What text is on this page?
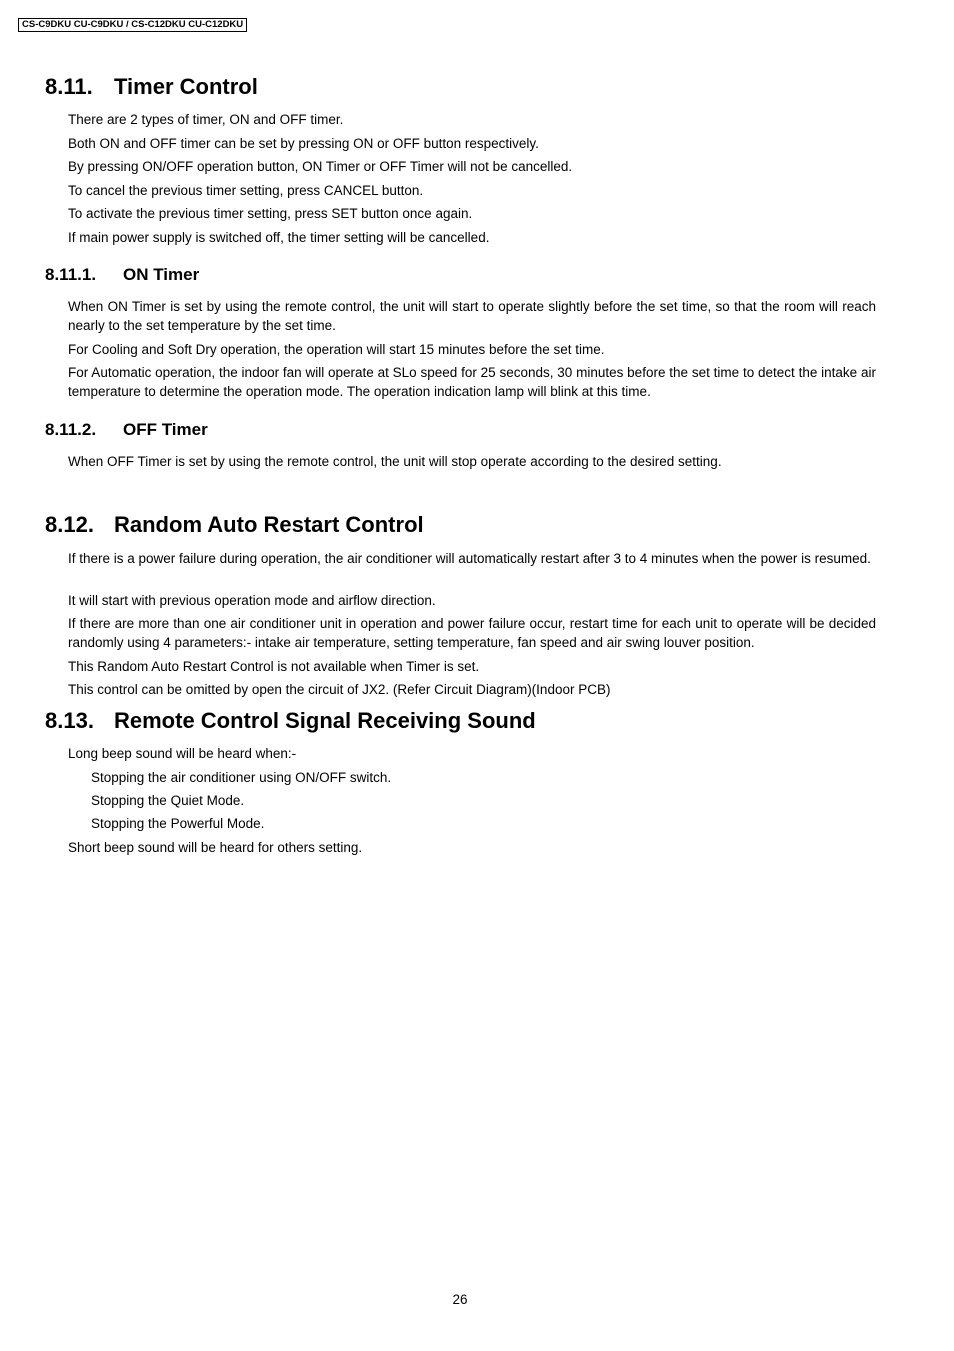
CS-C9DKU CU-C9DKU / CS-C12DKU CU-C12DKU
8.11. Timer Control

There are 2 types of timer, ON and OFF timer.

Both ON and OFF timer can be set by pressing ON or OFF button respectively.

By pressing ON/OFF operation button, ON Timer or OFF Timer will not be cancelled.

To cancel the previous timer setting, press CANCEL button.

To activate the previous timer setting, press SET button once again.

If main power supply is switched off, the timer setting will be cancelled.

8.11.1. ON Timer

When ON Timer is set by using the remote control, the unit will start to operate slightly before the set time, so that the room will reach nearly to the set temperature by the set time.

For Cooling and Soft Dry operation, the operation will start 15 minutes before the set time.

For Automatic operation, the indoor fan will operate at SLo speed for 25 seconds, 30 minutes before the set time to detect the intake air temperature to determine the operation mode. The operation indication lamp will blink at this time.

8.11.2. OFF Timer

When OFF Timer is set by using the remote control, the unit will stop operate according to the desired setting.

8.12. Random Auto Restart Control

If there is a power failure during operation, the air conditioner will automatically restart after 3 to 4 minutes when the power is resumed.

It will start with previous operation mode and airflow direction.

If there are more than one air conditioner unit in operation and power failure occur, restart time for each unit to operate will be decided randomly using 4 parameters:- intake air temperature, setting temperature, fan speed and air swing louver position.

This Random Auto Restart Control is not available when Timer is set.

This control can be omitted by open the circuit of JX2. (Refer Circuit Diagram)(Indoor PCB)

8.13. Remote Control Signal Receiving Sound

Long beep sound will be heard when:-

Stopping the air conditioner using ON/OFF switch.

Stopping the Quiet Mode.

Stopping the Powerful Mode.

Short beep sound will be heard for others setting.

26
